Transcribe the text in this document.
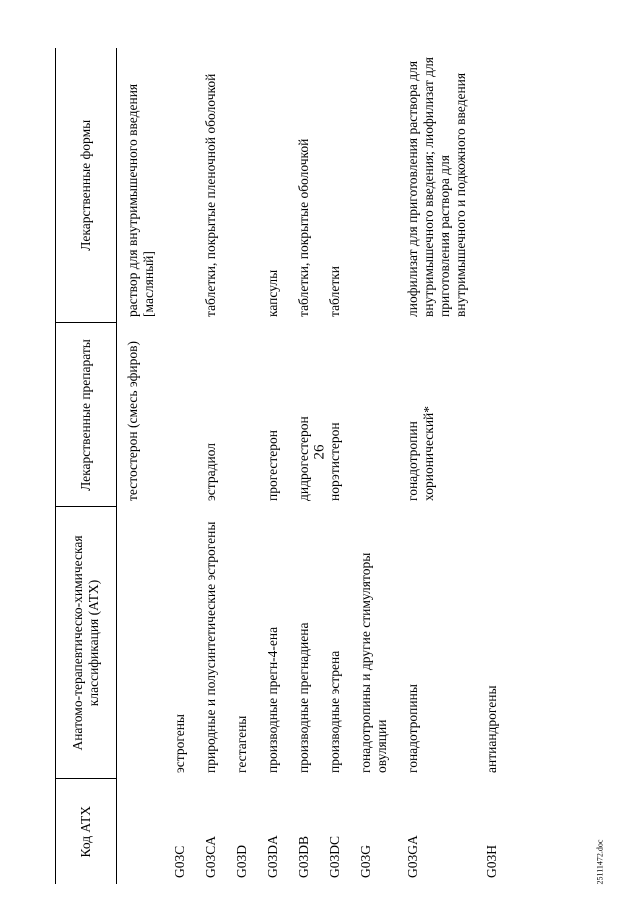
26
25111472.doc
Код АТХ	Анатомо-терапевтическо-химическая классификация (АТХ)	Лекарственные препараты	Лекарственные формы
		тестостерон (смесь эфиров)	раствор для внутримышечного введения [масляный]
G03C	эстрогены		
G03CA	природные и полусинтетические эстрогены	эстрадиол	таблетки, покрытые пленочной оболочкой
G03D	гестагены		
G03DA	производные прегн-4-ена	прогестерон	капсулы
G03DB	производные прегнадиена	дидрогестерон	таблетки, покрытые оболочкой
G03DC	производные эстрена	норэтистерон	таблетки
G03G	гонадотропины и другие стимуляторы овуляции		
G03GA	гонадотропины	гонадотропин хорионический*	лиофилизат для приготовления раствора для внутримышечного введения; лиофилизат для приготовления раствора для внутримышечного и подкожного введения
G03H	антиандрогены		
